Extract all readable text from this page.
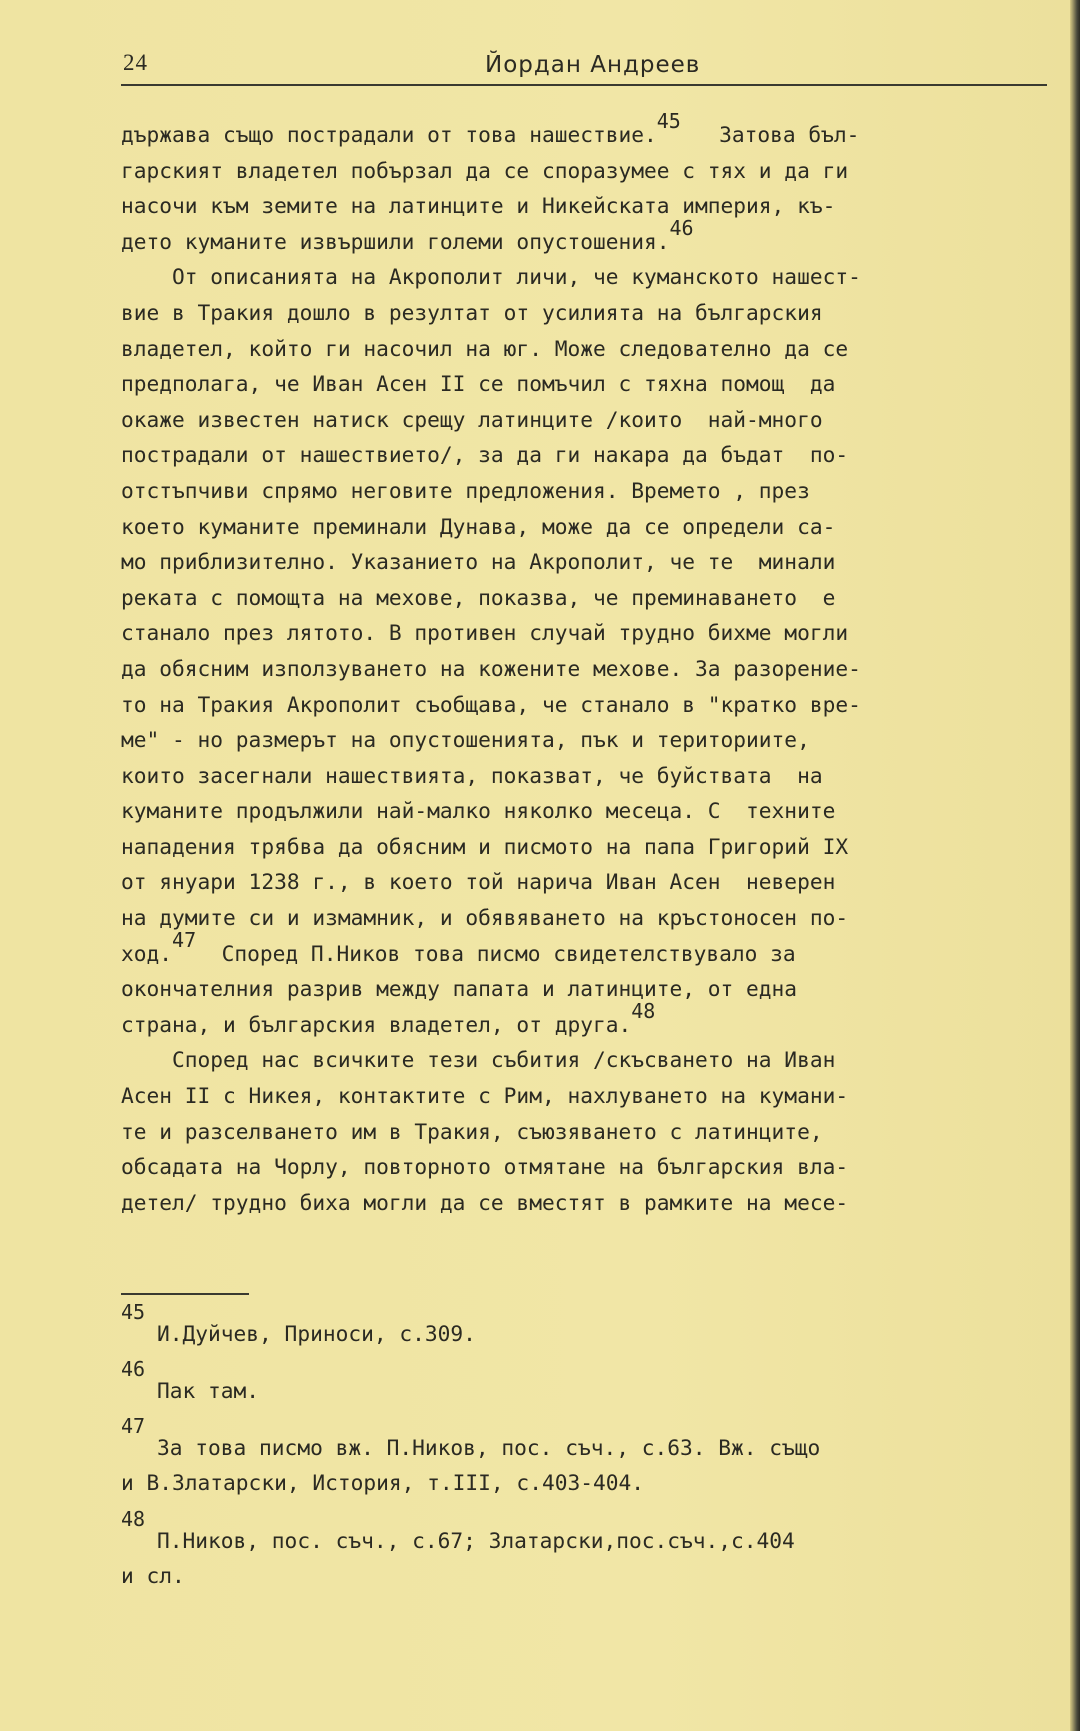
24	Йордан Андреев
държава също пострадали от това нашествие.45   Затова бъл-
гарският владетел побързал да се споразумее с тях и да ги
насочи към земите на латинците и Никейската империя, къ-
дето куманите извършили големи опустошения.46
От описанията на Акрополит личи, че куманското нашест-
вие в Тракия дошло в резултат от усилията на българския
владетел, който ги насочил на юг. Може следователно да се
предполага, че Иван Асен II се помъчил с тяхна помощ  да
окаже известен натиск срещу латинците /които  най-много
пострадали от нашествието/, за да ги накара да бъдат  по-
отстъпчиви спрямо неговите предложения. Времето , през
което куманите преминали Дунава, може да се определи са-
мо приблизително. Указанието на Акрополит, че те  минали
реката с помощта на мехове, показва, че преминаването  е
станало през лятото. В противен случай трудно бихме могли
да обясним използуването на кожените мехове. За разорение-
то на Тракия Акрополит съобщава, че станало в "кратко вре-
ме" - но размерът на опустошенията, пък и териториите,
които засегнали нашествията, показват, че буйствата  на
куманите продължили най-малко няколко месеца. С  техните
нападения трябва да обясним и писмото на папа Григорий IX
от януари 1238 г., в което той нарича Иван Асен  неверен
на думите си и измамник, и обявяването на кръстоносен по-
ход.47  Според П.Ников това писмо свидетелствувало за
окончателния разрив между папата и латинците, от една
страна, и българския владетел, от друга.48
Според нас всичките тези събития /скъсването на Иван
Асен II с Никея, контактите с Рим, нахлуването на кумани-
те и разселването им в Тракия, съюзяването с латинците,
обсадата на Чорлу, повторното отмятане на българския вла-
детел/ трудно биха могли да се вместят в рамките на месе-
45
И.Дуйчев, Приноси, с.309.
46
Пак там.
47
За това писмо вж. П.Ников, пос. съч., с.63. Вж. също
и В.Златарски, История, т.III, с.403-404.
48
П.Ников, пос. съч., с.67; Златарски,пос.съч.,с.404
и сл.
